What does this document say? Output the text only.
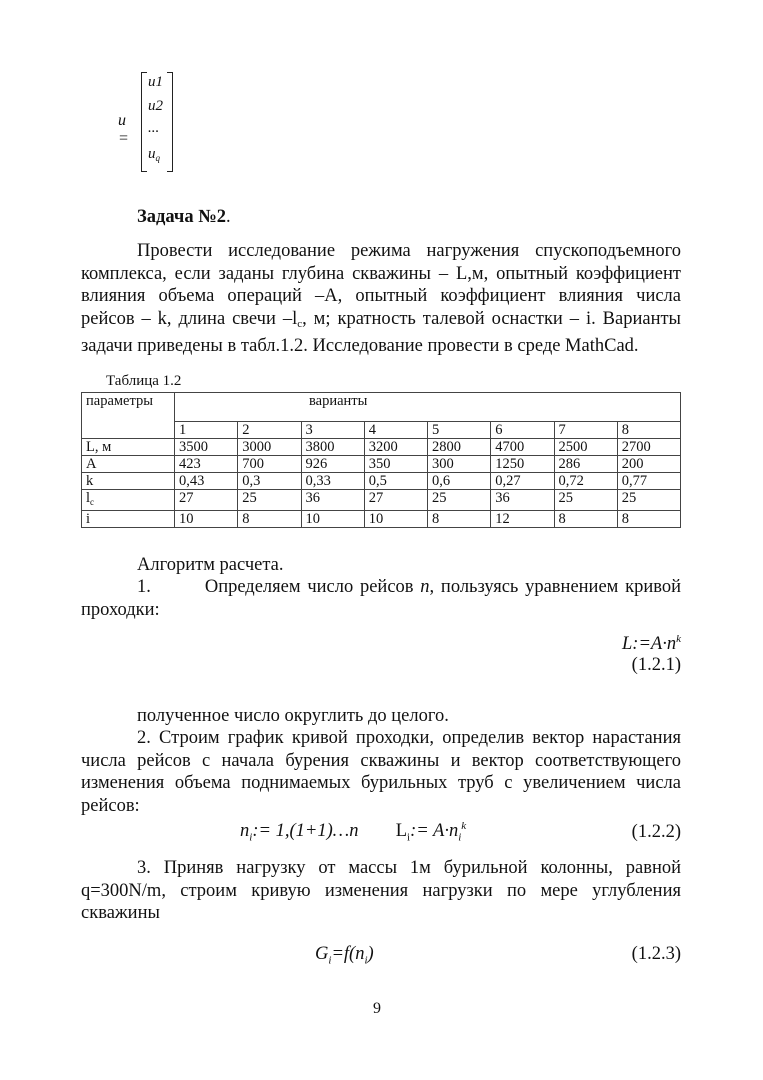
u =
u1
u2
...
$u_q$
Задача №2.
Провести исследование режима нагружения спускоподъемного
комплекса, если заданы глубина скважины – L,м, опытный коэффициент
влияния объема операций –А, опытный коэффициент влияния числа
рейсов – k, длина свечи –lc, м; кратность талевой оснастки – i. Варианты
задачи приведены в табл.1.2. Исследование провести в среде MathCad.
Таблица 1.2
параметры	варианты							
	1	2	3	4	5	6	7	8
L, м	3500	3000	3800	3200	2800	4700	2500	2700
A	423	700	926	350	300	1250	286	200
k	0,43	0,3	0,33	0,5	0,6	0,27	0,72	0,77
$l_c$	27	25	36	27	25	36	25	25
i	10	8	10	10	8	12	8	8
Алгоритм расчета.
1.	Определяем число рейсов n, пользуясь уравнением кривой
проходки:
$L:=A\cdot n^k$
(1.2.1)
полученное число округлить до целого.
2. Строим график кривой проходки, определив вектор нарастания
числа рейсов с начала бурения скважины и вектор соответствующего
изменения объема поднимаемых бурильных труб с увеличением числа
рейсов:
$n_i:=$ 1,(1+1)…n $L_i:= A\cdot n_i^k$	(1.2.2)
3. Приняв нагрузку от массы 1м бурильной колонны, равной
q=300N/m, строим кривую изменения нагрузки по мере углубления
скважины
$G_i=f(n_i)$	(1.2.3)
9
